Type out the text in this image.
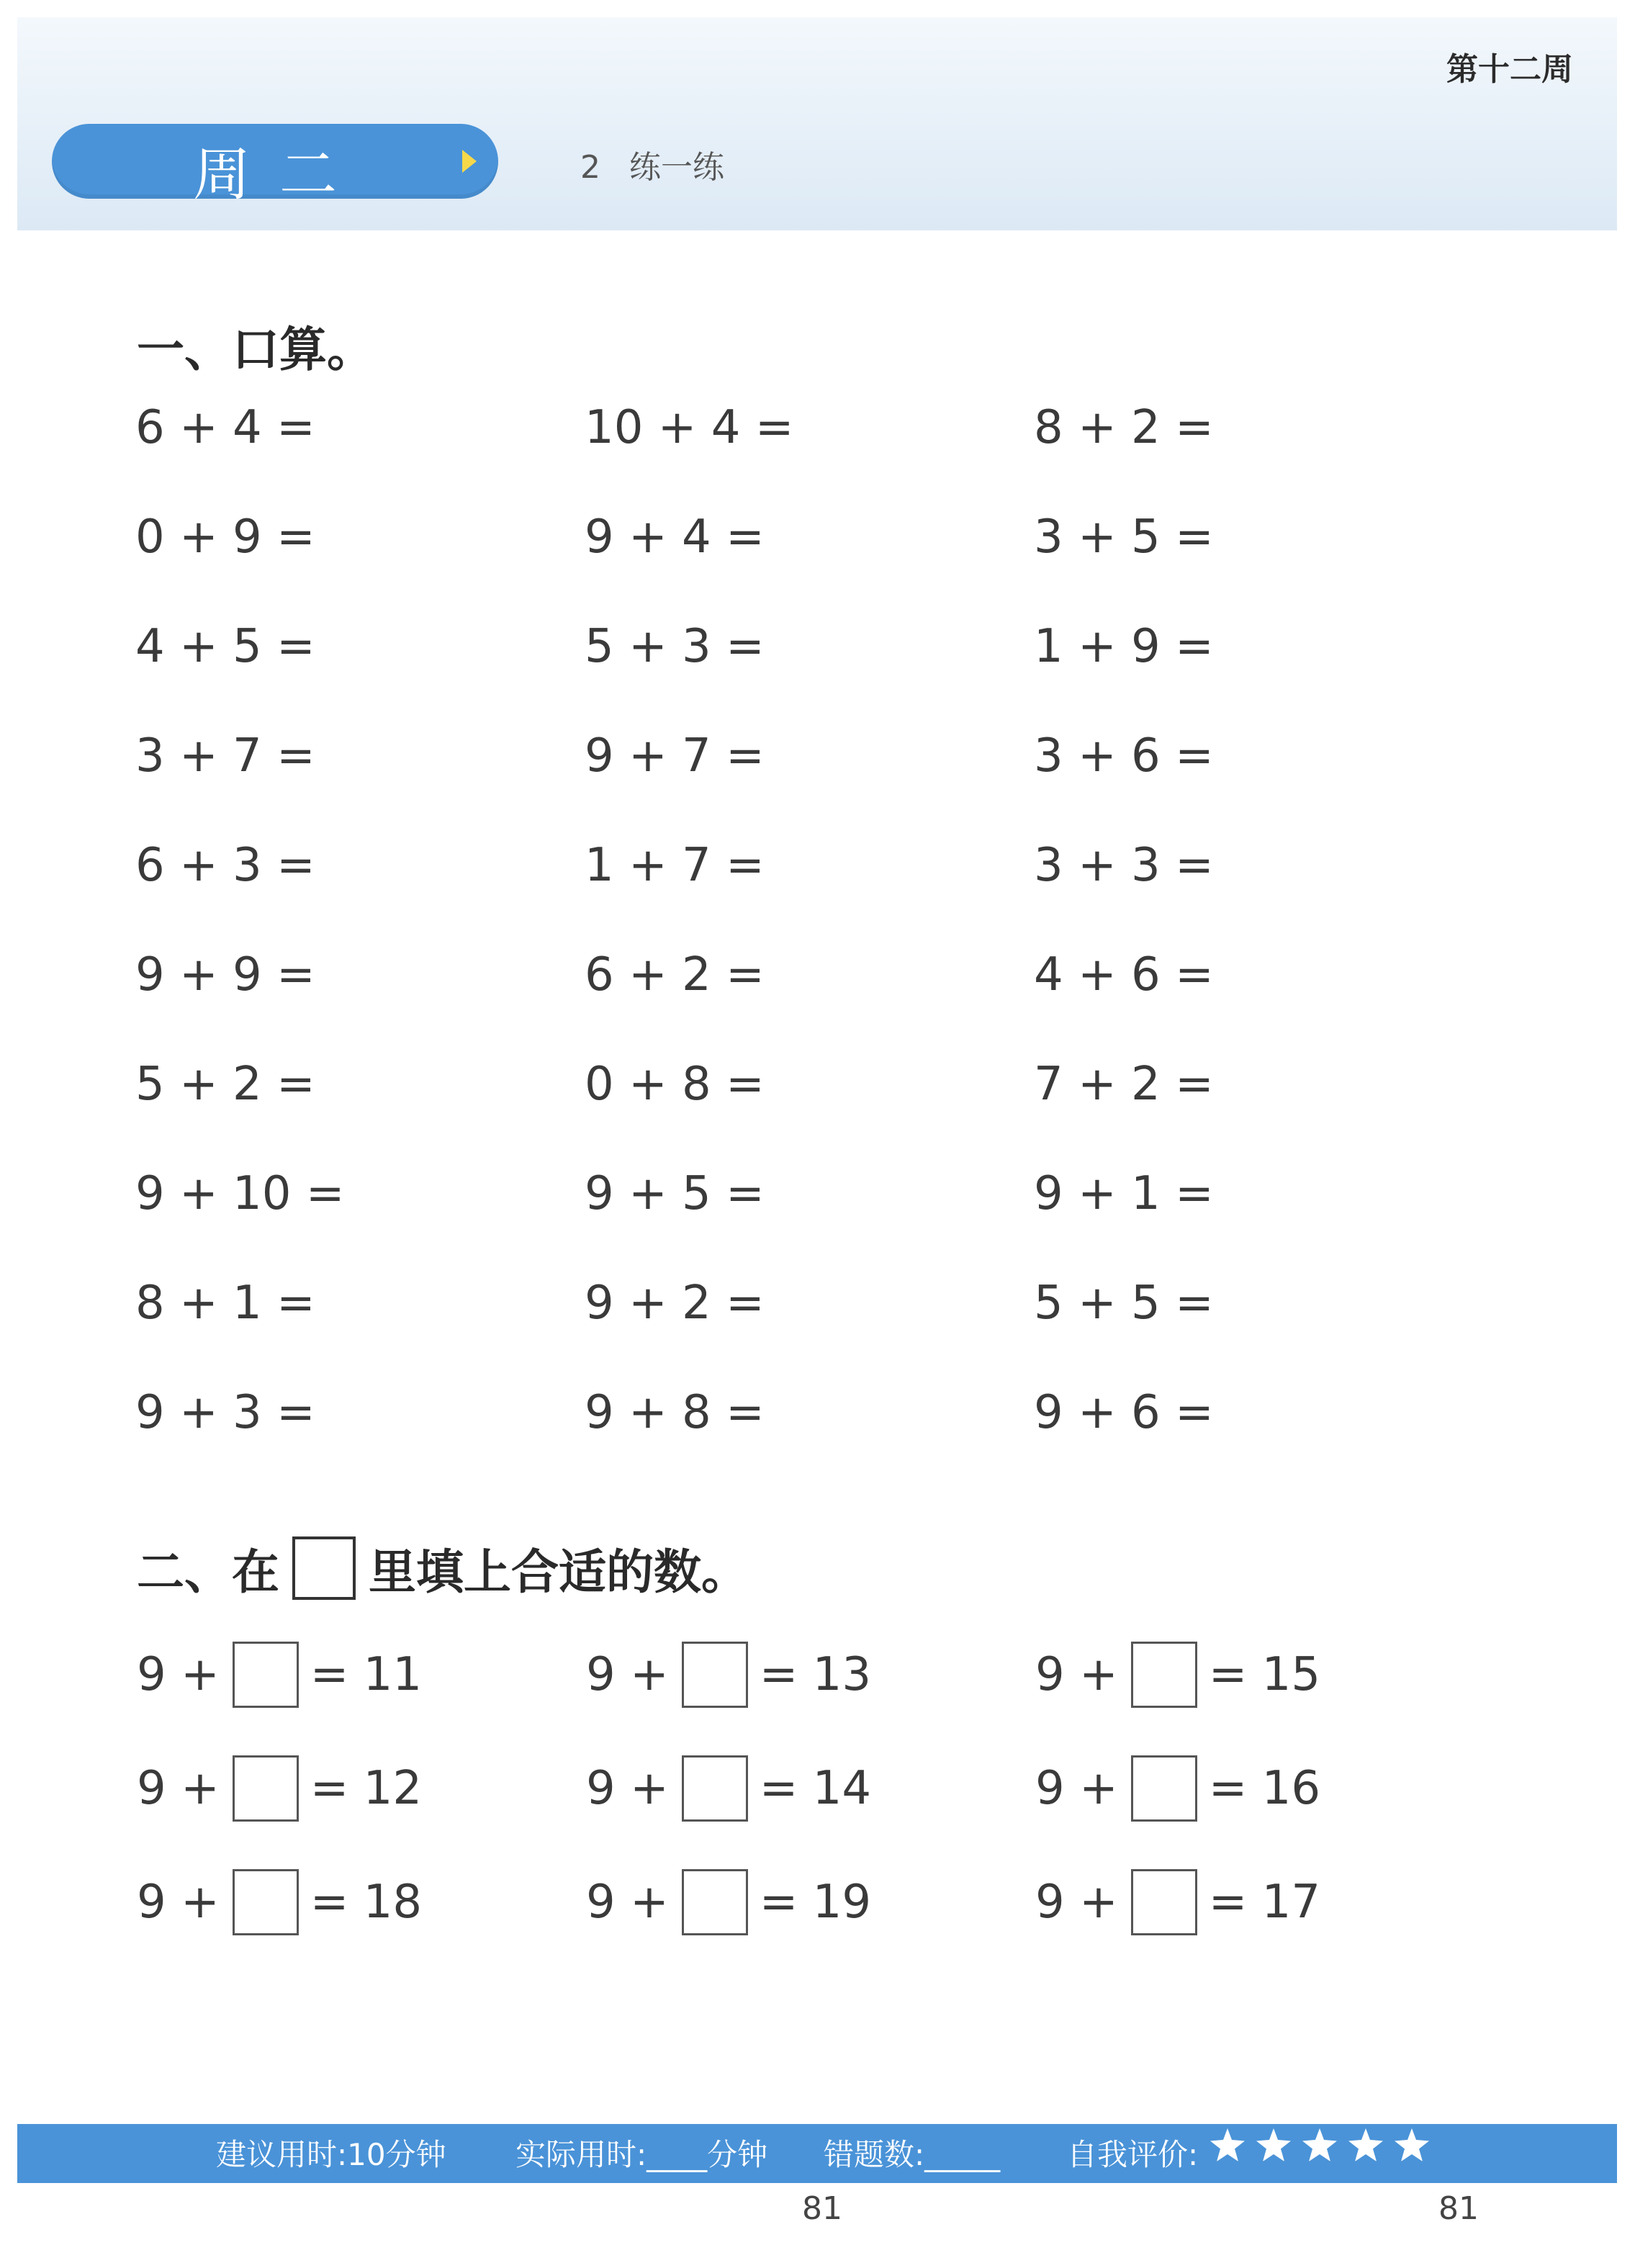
第十二周
周二	2 练一练
一、口算。
6 + 4 =	10 + 4 =	8 + 2 =
0 + 9 =	9 + 4 =	3 + 5 =
4 + 5 =	5 + 3 =	1 + 9 =
3 + 7 =	9 + 7 =	3 + 6 =
6 + 3 =	1 + 7 =	3 + 3 =
9 + 9 =	6 + 2 =	4 + 6 =
5 + 2 =	0 + 8 =	7 + 2 =
9 + 10 =	9 + 5 =	9 + 1 =
8 + 1 =	9 + 2 =	5 + 5 =
9 + 3 =	9 + 8 =	9 + 6 =
二、在 里填上合适的数。
9 + = 11	9 + = 13	9 + = 15
9 + = 12	9 + = 14	9 + = 16
9 + = 18	9 + = 19	9 + = 17
建议用时:10分钟 实际用时:____分钟 错题数:_____ 自我评价:
81	81
